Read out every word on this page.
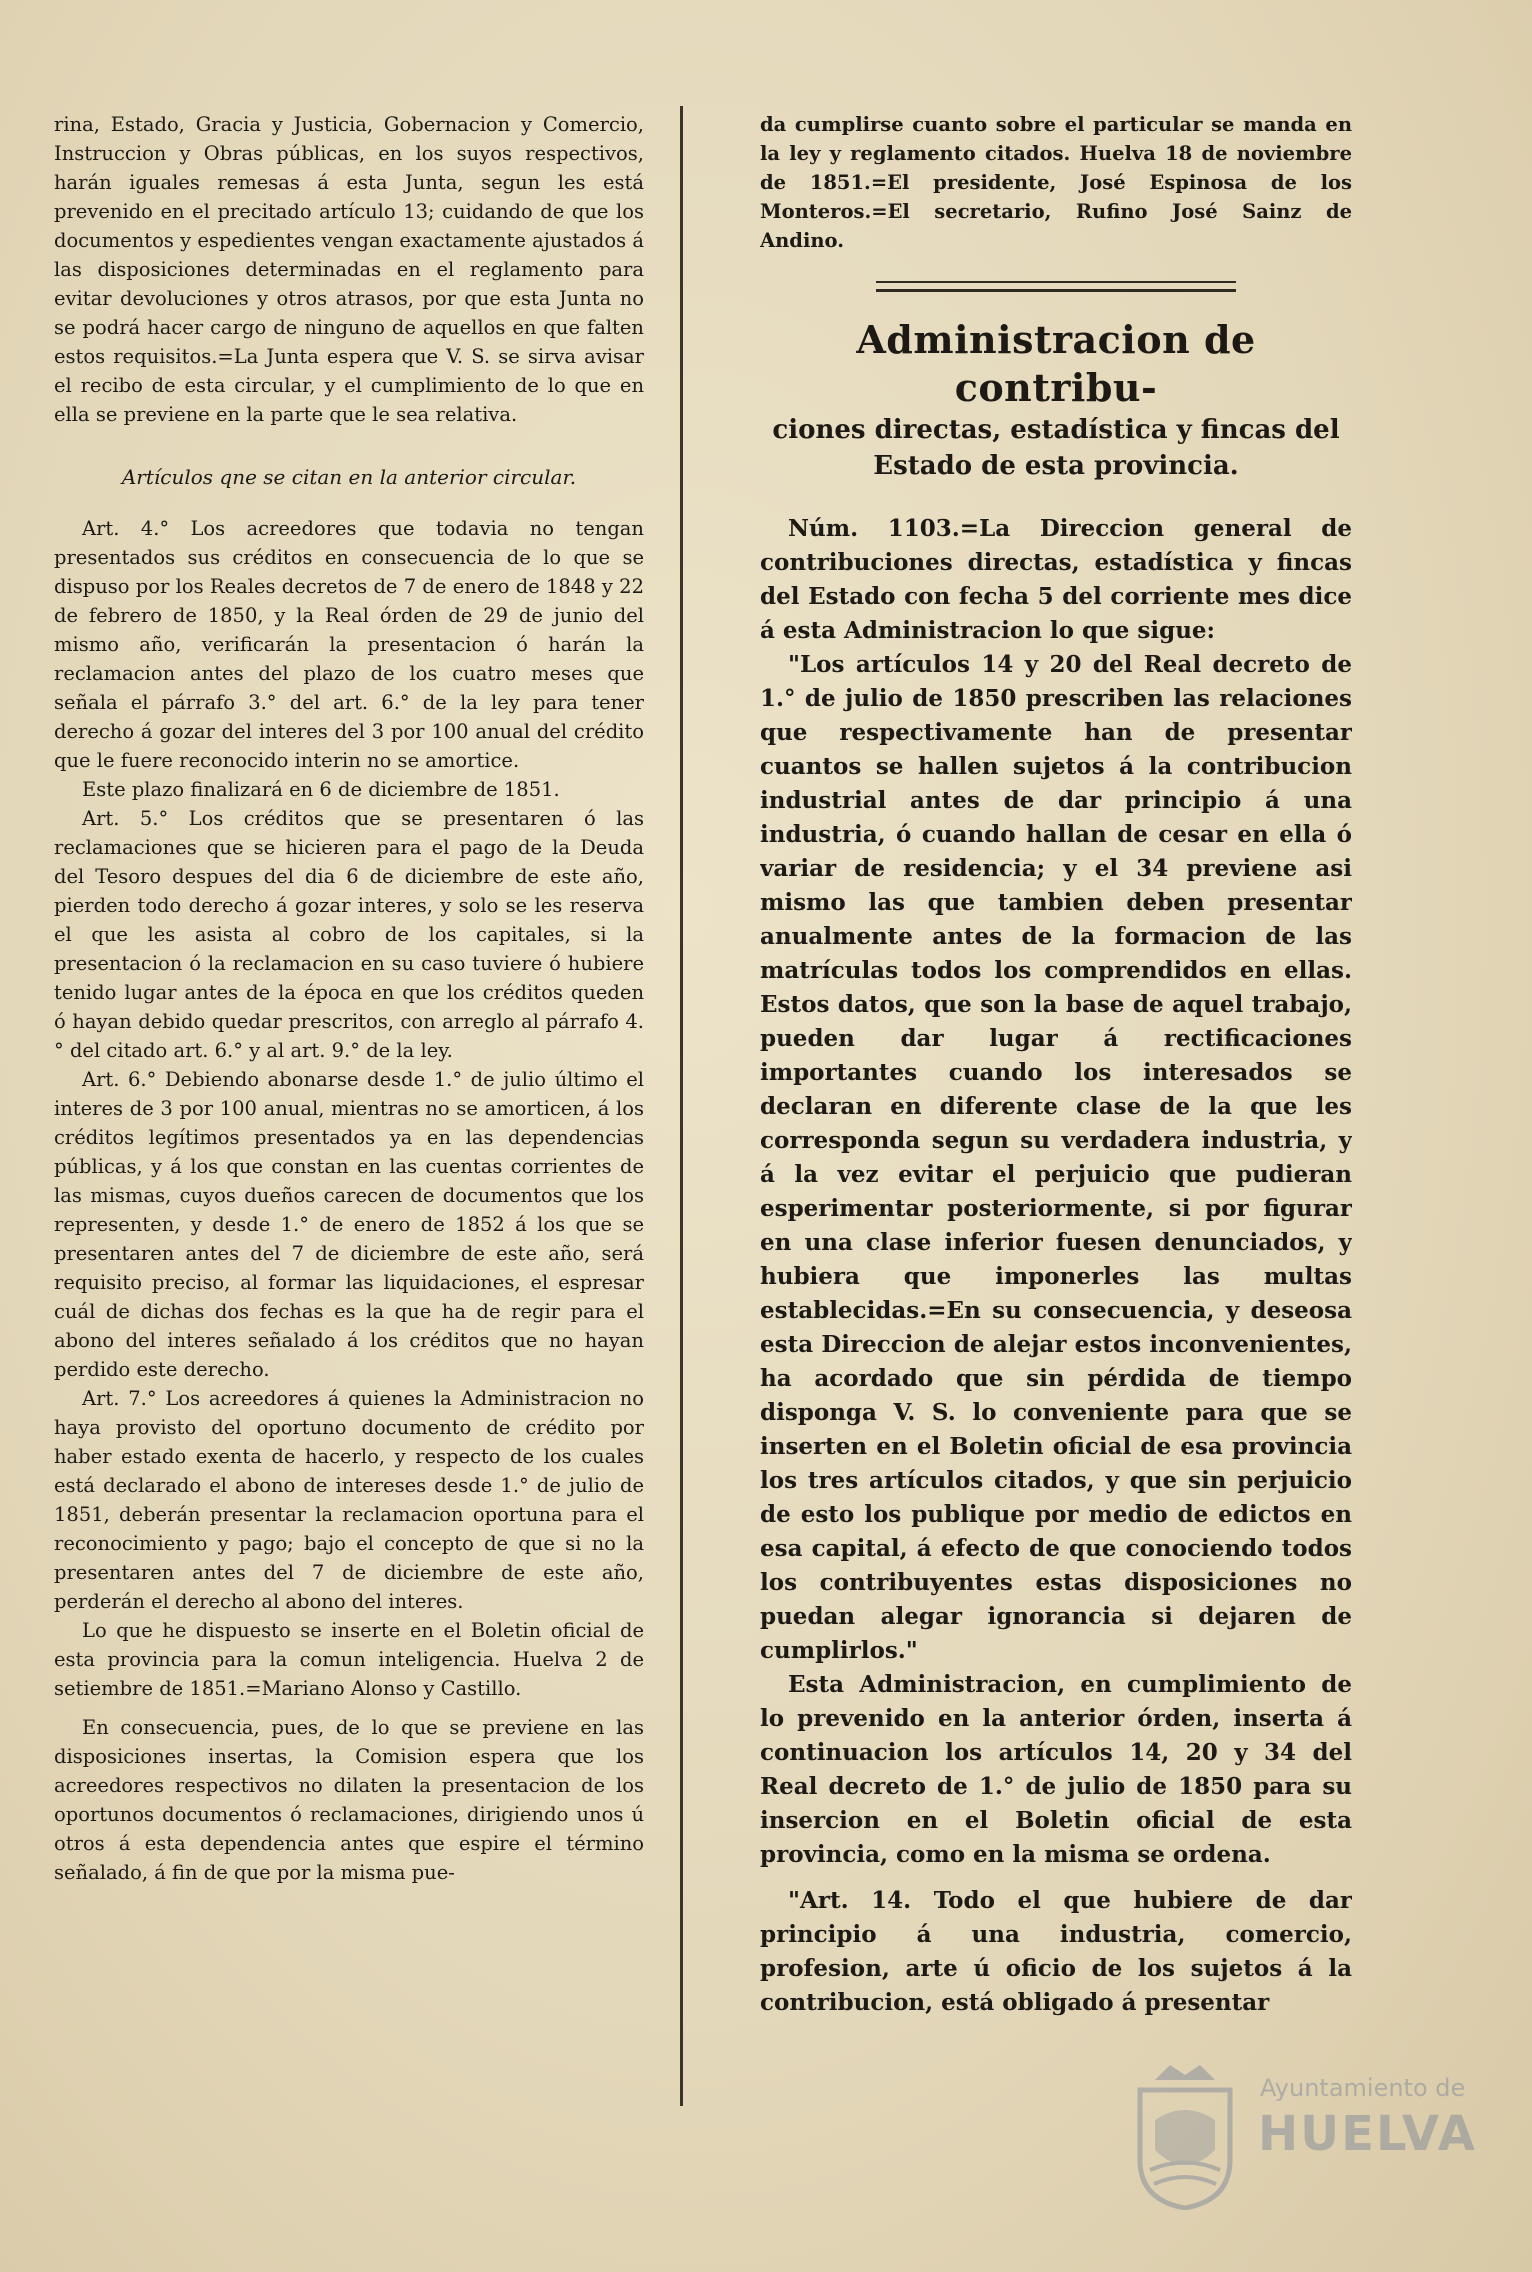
rina, Estado, Gracia y Justicia, Gobernacion y Comercio, Instruccion y Obras públicas, en los suyos respectivos, harán iguales remesas á esta Junta, segun les está prevenido en el precitado artículo 13; cuidando de que los documentos y espedientes vengan exactamente ajustados á las disposiciones determinadas en el reglamento para evitar devoluciones y otros atrasos, por que esta Junta no se podrá hacer cargo de ninguno de aquellos en que falten estos requisitos.=La Junta espera que V. S. se sirva avisar el recibo de esta circular, y el cumplimiento de lo que en ella se previene en la parte que le sea relativa.

Artículos qne se citan en la anterior circular.

Art. 4.° Los acreedores que todavia no tengan presentados sus créditos en consecuencia de lo que se dispuso por los Reales decretos de 7 de enero de 1848 y 22 de febrero de 1850, y la Real órden de 29 de junio del mismo año, verificarán la presentacion ó harán la reclamacion antes del plazo de los cuatro meses que señala el párrafo 3.° del art. 6.° de la ley para tener derecho á gozar del interes del 3 por 100 anual del crédito que le fuere reconocido interin no se amortice.

Este plazo finalizará en 6 de diciembre de 1851.

Art. 5.° Los créditos que se presentaren ó las reclamaciones que se hicieren para el pago de la Deuda del Tesoro despues del dia 6 de diciembre de este año, pierden todo derecho á gozar interes, y solo se les reserva el que les asista al cobro de los capitales, si la presentacion ó la reclamacion en su caso tuviere ó hubiere tenido lugar antes de la época en que los créditos queden ó hayan debido quedar prescritos, con arreglo al párrafo 4.° del citado art. 6.° y al art. 9.° de la ley.

Art. 6.° Debiendo abonarse desde 1.° de julio último el interes de 3 por 100 anual, mientras no se amorticen, á los créditos legítimos presentados ya en las dependencias públicas, y á los que constan en las cuentas corrientes de las mismas, cuyos dueños carecen de documentos que los representen, y desde 1.° de enero de 1852 á los que se presentaren antes del 7 de diciembre de este año, será requisito preciso, al formar las liquidaciones, el espresar cuál de dichas dos fechas es la que ha de regir para el abono del interes señalado á los créditos que no hayan perdido este derecho.

Art. 7.° Los acreedores á quienes la Administracion no haya provisto del oportuno documento de crédito por haber estado exenta de hacerlo, y respecto de los cuales está declarado el abono de intereses desde 1.° de julio de 1851, deberán presentar la reclamacion oportuna para el reconocimiento y pago; bajo el concepto de que si no la presentaren antes del 7 de diciembre de este año, perderán el derecho al abono del interes.

Lo que he dispuesto se inserte en el Boletin oficial de esta provincia para la comun inteligencia. Huelva 2 de setiembre de 1851.=Mariano Alonso y Castillo.

En consecuencia, pues, de lo que se previene en las disposiciones insertas, la Comision espera que los acreedores respectivos no dilaten la presentacion de los oportunos documentos ó reclamaciones, dirigiendo unos ú otros á esta dependencia antes que espire el término señalado, á fin de que por la misma pue-

da cumplirse cuanto sobre el particular se manda en la ley y reglamento citados. Huelva 18 de noviembre de 1851.=El presidente, José Espinosa de los Monteros.=El secretario, Rufino José Sainz de Andino.

Administracion de contribu-

ciones directas, estadística y fincas del Estado de esta provincia.

Núm. 1103.=La Direccion general de contribuciones directas, estadística y fincas del Estado con fecha 5 del corriente mes dice á esta Administracion lo que sigue:

"Los artículos 14 y 20 del Real decreto de 1.° de julio de 1850 prescriben las relaciones que respectivamente han de presentar cuantos se hallen sujetos á la contribucion industrial antes de dar principio á una industria, ó cuando hallan de cesar en ella ó variar de residencia; y el 34 previene asi mismo las que tambien deben presentar anualmente antes de la formacion de las matrículas todos los comprendidos en ellas. Estos datos, que son la base de aquel trabajo, pueden dar lugar á rectificaciones importantes cuando los interesados se declaran en diferente clase de la que les corresponda segun su verdadera industria, y á la vez evitar el perjuicio que pudieran esperimentar posteriormente, si por figurar en una clase inferior fuesen denunciados, y hubiera que imponerles las multas establecidas.=En su consecuencia, y deseosa esta Direccion de alejar estos inconvenientes, ha acordado que sin pérdida de tiempo disponga V. S. lo conveniente para que se inserten en el Boletin oficial de esa provincia los tres artículos citados, y que sin perjuicio de esto los publique por medio de edictos en esa capital, á efecto de que conociendo todos los contribuyentes estas disposiciones no puedan alegar ignorancia si dejaren de cumplirlos."

Esta Administracion, en cumplimiento de lo prevenido en la anterior órden, inserta á continuacion los artículos 14, 20 y 34 del Real decreto de 1.° de julio de 1850 para su insercion en el Boletin oficial de esta provincia, como en la misma se ordena.

"Art. 14. Todo el que hubiere de dar principio á una industria, comercio, profesion, arte ú oficio de los sujetos á la contribucion, está obligado á presentar

Ayuntamiento de
HUELVA
